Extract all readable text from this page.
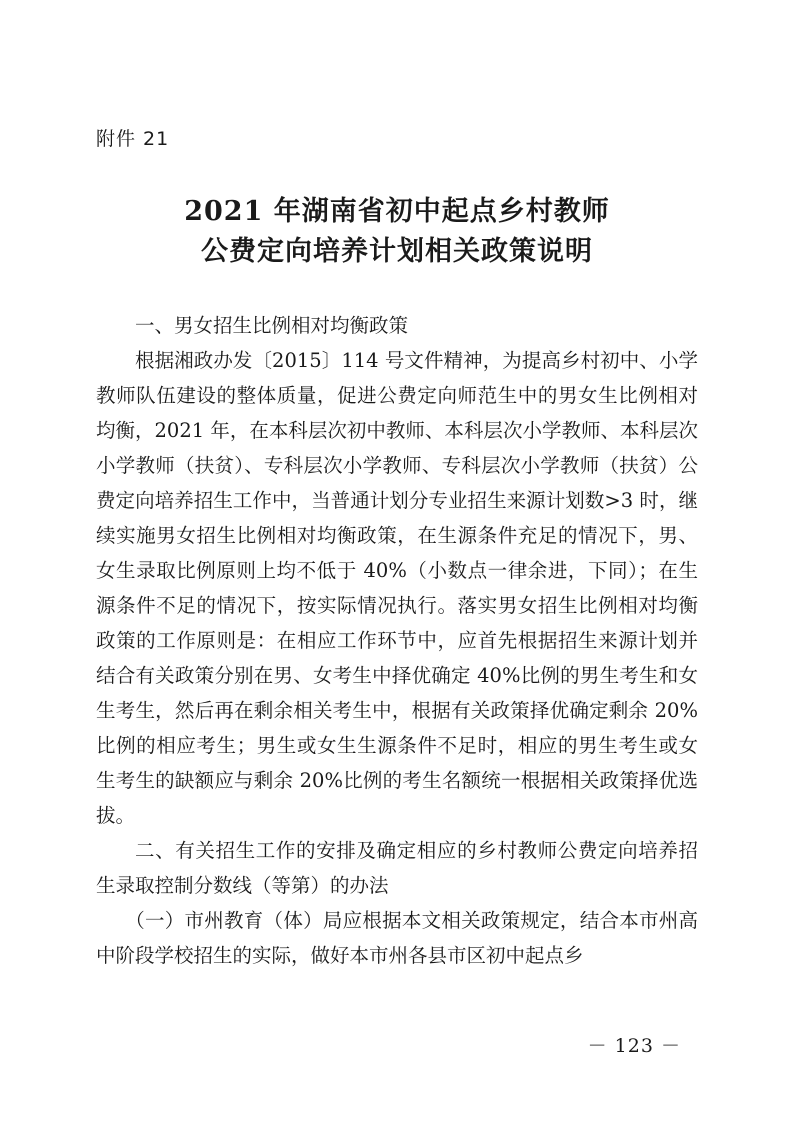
附件 21
2021 年湖南省初中起点乡村教师
公费定向培养计划相关政策说明

一、男女招生比例相对均衡政策

根据湘政办发〔2015〕114 号文件精神，为提高乡村初中、小学教师队伍建设的整体质量，促进公费定向师范生中的男女生比例相对均衡，2021 年，在本科层次初中教师、本科层次小学教师、本科层次小学教师（扶贫）、专科层次小学教师、专科层次小学教师（扶贫）公费定向培养招生工作中，当普通计划分专业招生来源计划数>3 时，继续实施男女招生比例相对均衡政策，在生源条件充足的情况下，男、女生录取比例原则上均不低于 40%（小数点一律余进，下同）；在生源条件不足的情况下，按实际情况执行。落实男女招生比例相对均衡政策的工作原则是：在相应工作环节中，应首先根据招生来源计划并结合有关政策分别在男、女考生中择优确定 40%比例的男生考生和女生考生，然后再在剩余相关考生中，根据有关政策择优确定剩余 20%比例的相应考生；男生或女生生源条件不足时，相应的男生考生或女生考生的缺额应与剩余 20%比例的考生名额统一根据相关政策择优选拔。

二、有关招生工作的安排及确定相应的乡村教师公费定向培养招生录取控制分数线（等第）的办法

（一）市州教育（体）局应根据本文相关政策规定，结合本市州高中阶段学校招生的实际，做好本市州各县市区初中起点乡

－ 123 －
